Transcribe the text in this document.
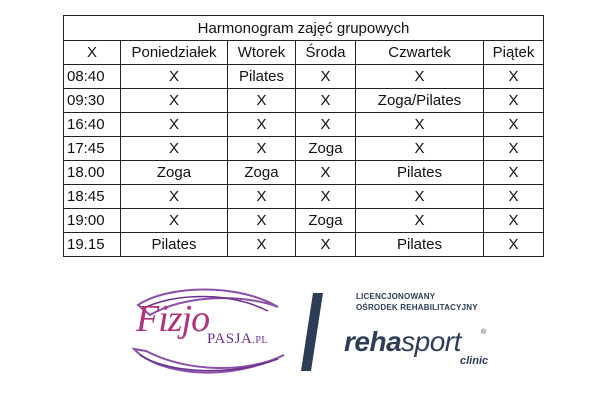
Harmonogram zajęć grupowych					
X	Poniedziałek	Wtorek	Środa	Czwartek	Piątek
08:40	X	Pilates	X	X	X
09:30	X	X	X	Zoga/Pilates	X
16:40	X	X	X	X	X
17:45	X	X	Zoga	X	X
18.00	Zoga	Zoga	X	Pilates	X
18:45	X	X	X	X	X
19:00	X	X	Zoga	X	X
19.15	Pilates	X	X	Pilates	X
Fizjo
PASJA.PL
LICENCJONOWANY
OŚRODEK REHABILITACYJNY
rehasport	®
clinic
